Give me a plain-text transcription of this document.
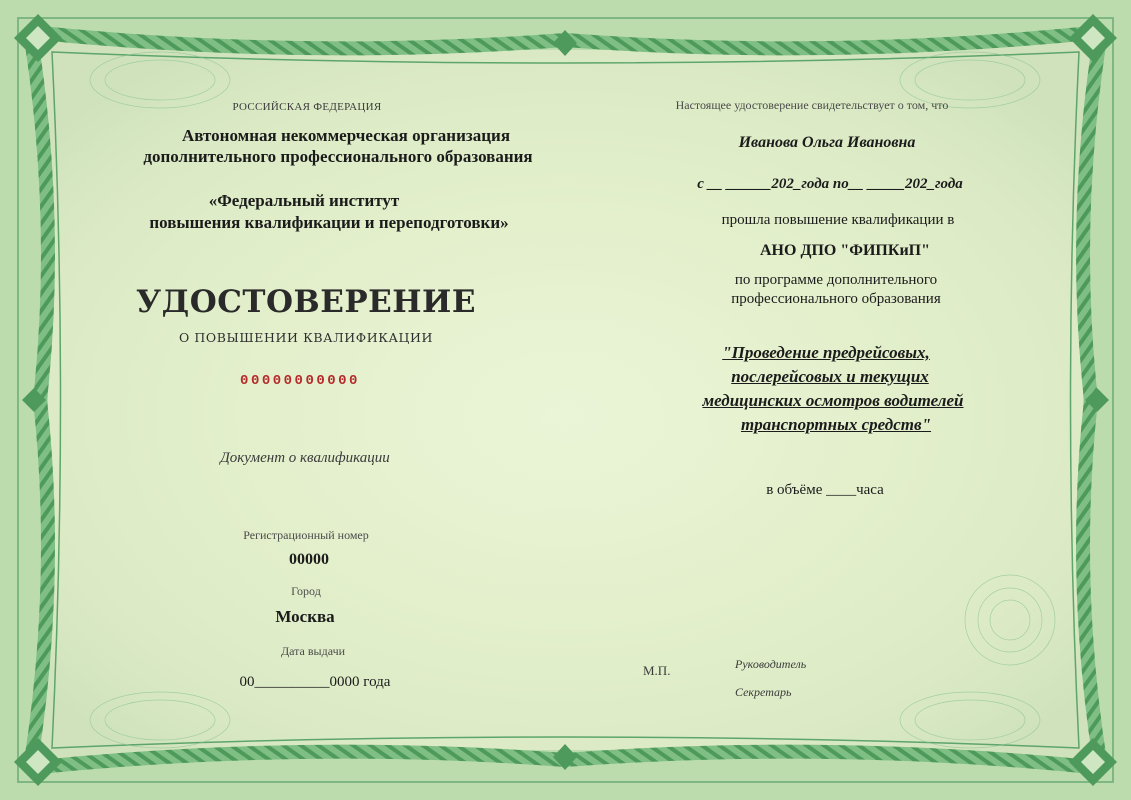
РОССИЙСКАЯ ФЕДЕРАЦИЯ
Автономная некоммерческая организация
дополнительного профессионального образования
«Федеральный институт
повышения квалификации и переподготовки»
УДОСТОВЕРЕНИЕ
О ПОВЫШЕНИИ КВАЛИФИКАЦИИ
00000000000
Документ о квалификации
Регистрационный номер
00000
Город
Москва
Дата выдачи
00__________0000 года
Настоящее удостоверение свидетельствует о том, что
Иванова Ольга Ивановна
с __ ______202_года по__ _____202_года
прошла повышение квалификации в
АНО ДПО "ФИПКиП"
по программе дополнительного
профессионального образования
"Проведение предрейсовых,
послерейсовых и текущих
медицинских осмотров водителей
транспортных средств"
в объёме ____часа
М.П.	Руководитель
Секретарь
